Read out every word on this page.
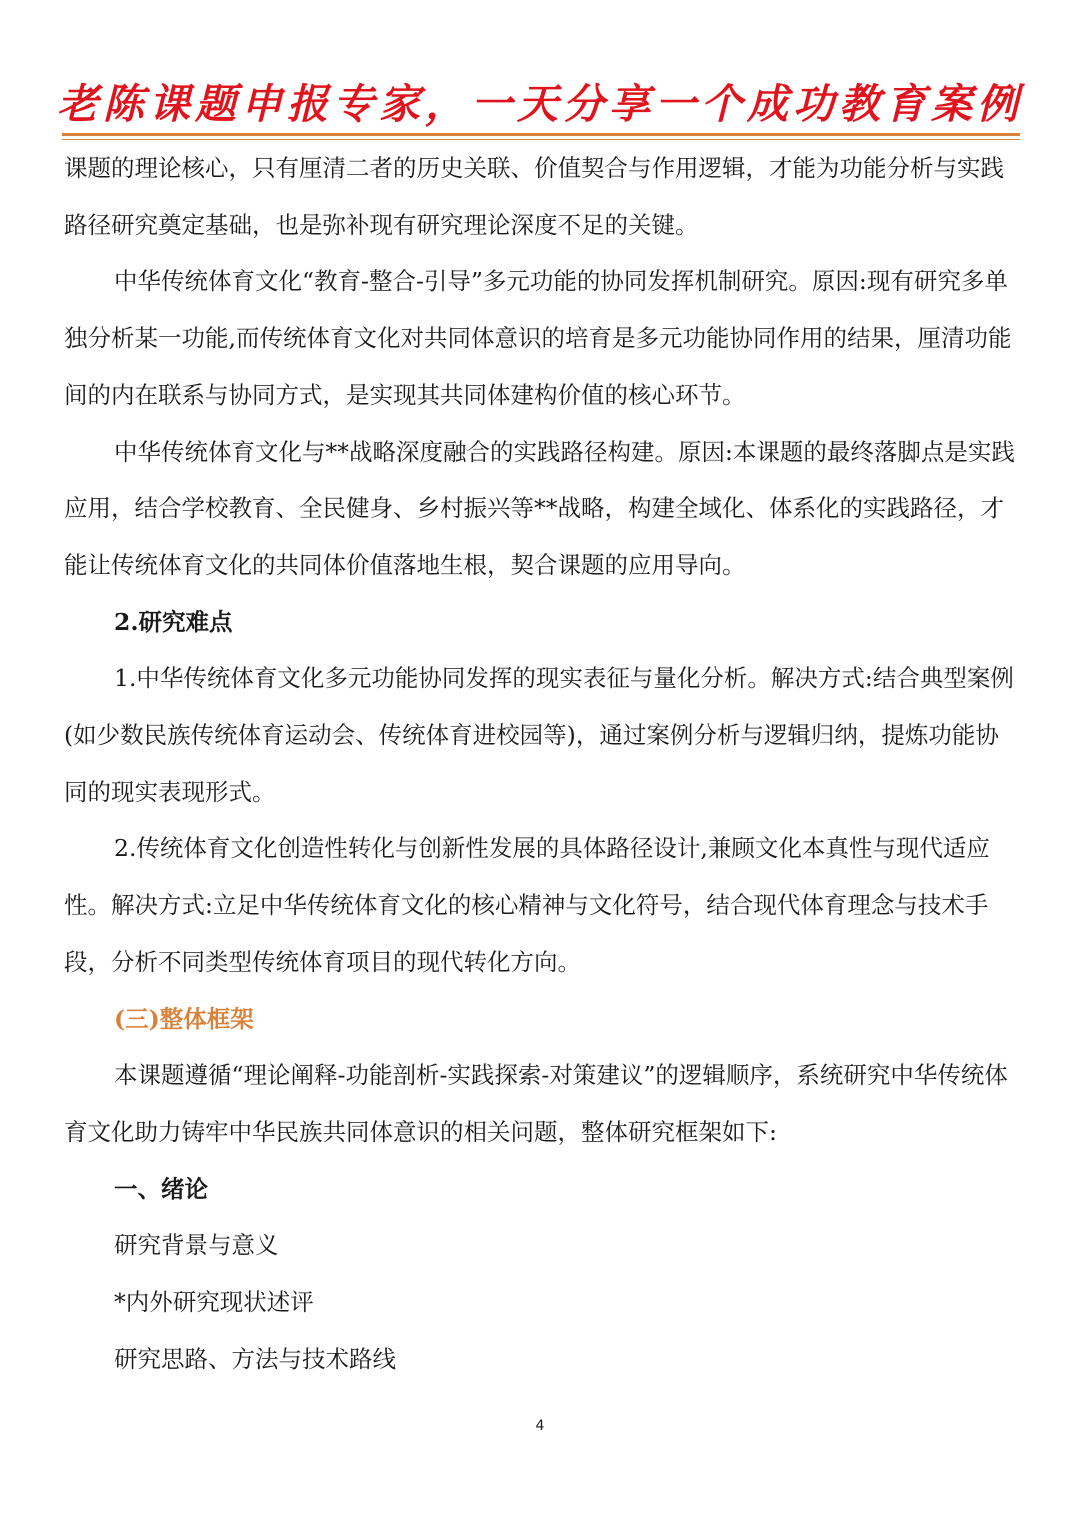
老陈课题申报专家，一天分享一个成功教育案例

课题的理论核心，只有厘清二者的历史关联、价值契合与作用逻辑，才能为功能分析与实践路径研究奠定基础，也是弥补现有研究理论深度不足的关键。

中华传统体育文化“教育-整合-引导”多元功能的协同发挥机制研究。原因:现有研究多单独分析某一功能,而传统体育文化对共同体意识的培育是多元功能协同作用的结果，厘清功能间的内在联系与协同方式，是实现其共同体建构价值的核心环节。

中华传统体育文化与**战略深度融合的实践路径构建。原因:本课题的最终落脚点是实践应用，结合学校教育、全民健身、乡村振兴等**战略，构建全域化、体系化的实践路径，才能让传统体育文化的共同体价值落地生根，契合课题的应用导向。

2.研究难点

1.中华传统体育文化多元功能协同发挥的现实表征与量化分析。解决方式:结合典型案例(如少数民族传统体育运动会、传统体育进校园等)，通过案例分析与逻辑归纳，提炼功能协同的现实表现形式。

2.传统体育文化创造性转化与创新性发展的具体路径设计,兼顾文化本真性与现代适应性。解决方式:立足中华传统体育文化的核心精神与文化符号，结合现代体育理念与技术手段，分析不同类型传统体育项目的现代转化方向。

(三)整体框架

本课题遵循“理论阐释-功能剖析-实践探索-对策建议”的逻辑顺序，系统研究中华传统体育文化助力铸牢中华民族共同体意识的相关问题，整体研究框架如下:

一、绪论

研究背景与意义

*内外研究现状述评

研究思路、方法与技术路线

4
